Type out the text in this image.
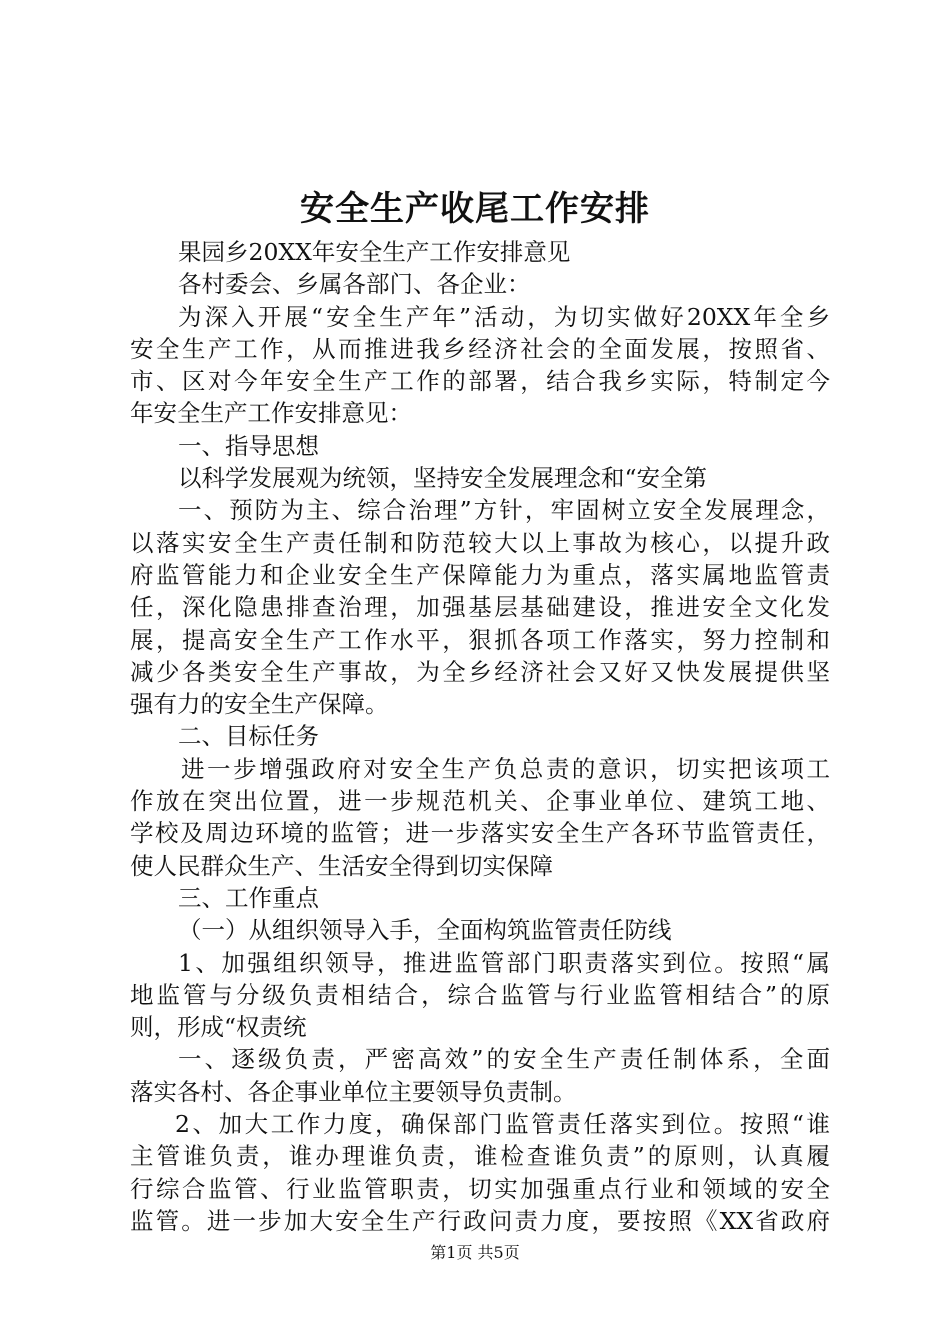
安全生产收尾工作安排
果园乡20XX年安全生产工作安排意见
各村委会、乡属各部门、各企业：
为深入开展“安全生产年”活动，为切实做好20XX年全乡
安全生产工作，从而推进我乡经济社会的全面发展，按照省、
市、区对今年安全生产工作的部署，结合我乡实际，特制定今
年安全生产工作安排意见：
一、指导思想
以科学发展观为统领，坚持安全发展理念和“安全第
一、预防为主、综合治理”方针，牢固树立安全发展理念，
以落实安全生产责任制和防范较大以上事故为核心，以提升政
府监管能力和企业安全生产保障能力为重点，落实属地监管责
任，深化隐患排查治理，加强基层基础建设，推进安全文化发
展，提高安全生产工作水平，狠抓各项工作落实，努力控制和
减少各类安全生产事故，为全乡经济社会又好又快发展提供坚
强有力的安全生产保障。
二、目标任务
进一步增强政府对安全生产负总责的意识，切实把该项工
作放在突出位置，进一步规范机关、企事业单位、建筑工地、
学校及周边环境的监管；进一步落实安全生产各环节监管责任，
使人民群众生产、生活安全得到切实保障
三、工作重点
（一）从组织领导入手，全面构筑监管责任防线
1、加强组织领导，推进监管部门职责落实到位。按照“属
地监管与分级负责相结合，综合监管与行业监管相结合”的原
则，形成“权责统
一、逐级负责，严密高效”的安全生产责任制体系，全面
落实各村、各企事业单位主要领导负责制。
2、加大工作力度，确保部门监管责任落实到位。按照“谁
主管谁负责，谁办理谁负责，谁检查谁负责”的原则，认真履
行综合监管、行业监管职责，切实加强重点行业和领域的安全
监管。进一步加大安全生产行政问责力度，要按照《XX省政府
第1页 共5页
